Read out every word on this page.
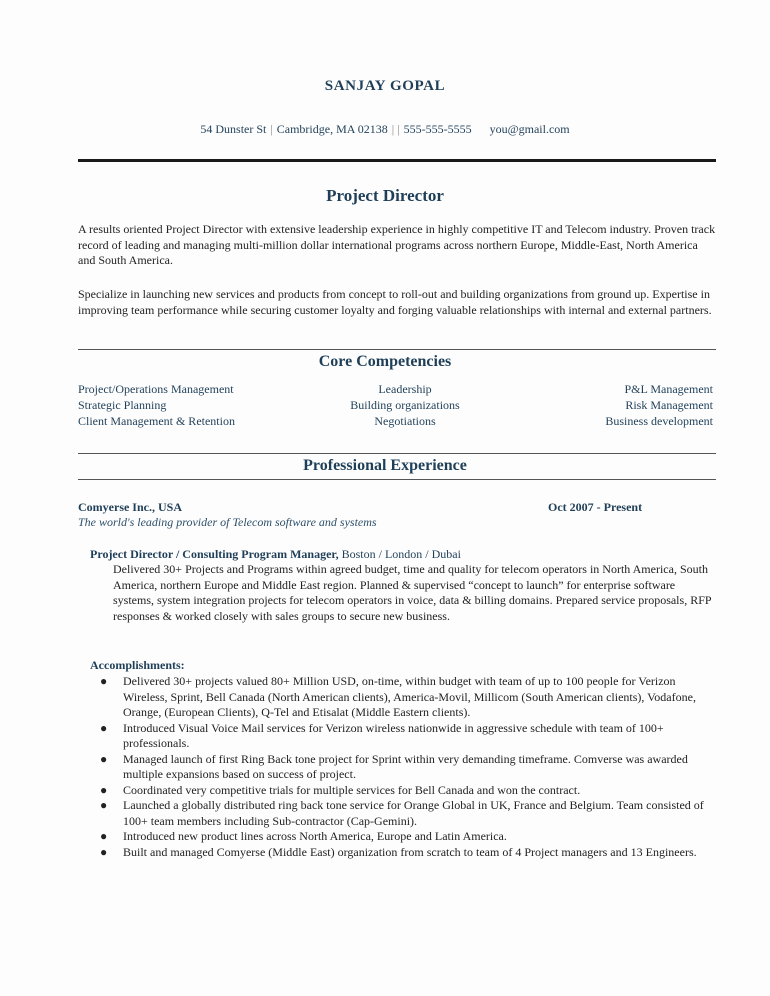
SANJAY GOPAL
54 Dunster St | Cambridge, MA 02138 | | 555-555-5555 you@gmail.com
Project Director
A results oriented Project Director with extensive leadership experience in highly competitive IT and Telecom industry. Proven track record of leading and managing multi-million dollar international programs across northern Europe, Middle-East, North America and South America.
Specialize in launching new services and products from concept to roll-out and building organizations from ground up. Expertise in improving team performance while securing customer loyalty and forging valuable relationships with internal and external partners.
Core Competencies
Project/Operations Management
Strategic Planning
Client Management & Retention
Leadership
Building organizations
Negotiations
P&L Management
Risk Management
Business development
Professional Experience
Comyerse Inc., USA	Oct 2007 - Present
The world's leading provider of Telecom software and systems
Project Director / Consulting Program Manager, Boston / London / Dubai
Delivered 30+ Projects and Programs within agreed budget, time and quality for telecom operators in North America, South America, northern Europe and Middle East region. Planned & supervised “concept to launch” for enterprise software systems, system integration projects for telecom operators in voice, data & billing domains. Prepared service proposals, RFP responses & worked closely with sales groups to secure new business.
Accomplishments:
● Delivered 30+ projects valued 80+ Million USD, on-time, within budget with team of up to 100 people for Verizon Wireless, Sprint, Bell Canada (North American clients), America-Movil, Millicom (South American clients), Vodafone, Orange, (European Clients), Q-Tel and Etisalat (Middle Eastern clients).
● Introduced Visual Voice Mail services for Verizon wireless nationwide in aggressive schedule with team of 100+ professionals.
● Managed launch of first Ring Back tone project for Sprint within very demanding timeframe. Comverse was awarded multiple expansions based on success of project.
● Coordinated very competitive trials for multiple services for Bell Canada and won the contract.
● Launched a globally distributed ring back tone service for Orange Global in UK, France and Belgium. Team consisted of 100+ team members including Sub-contractor (Cap-Gemini).
● Introduced new product lines across North America, Europe and Latin America.
● Built and managed Comyerse (Middle East) organization from scratch to team of 4 Project managers and 13 Engineers.
